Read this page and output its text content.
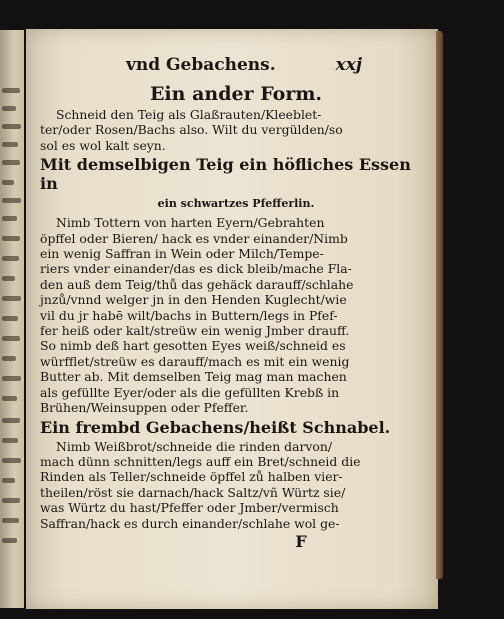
vnd Gebachens.	xxj
Ein ander Form.
Schneid den Teig als Glaßrauten/Kleeblet-
ter/oder Rosen/Bachs also. Wilt du vergülden/so
sol es wol kalt seyn.
Mit demselbigen Teig ein höfliches Essen in
ein schwartzes Pfefferlin.
Nimb Tottern von harten Eyern/Gebrahten
öpffel oder Bieren/ hack es vnder einander/Nimb
ein wenig Saffran in Wein oder Milch/Tempe-
riers vnder einander/das es dick bleib/mache Fla-
den auß dem Teig/thů das gehäck darauff/schlahe
jnzů/vnnd welger jn in den Henden Kuglecht/wie
vil du jr habē wilt/bachs in Buttern/legs in Pfef-
fer heiß oder kalt/streüw ein wenig Jmber drauff.
So nimb deß hart gesotten Eyes weiß/schneid es
würfflet/streüw es darauff/mach es mit ein wenig
Butter ab. Mit demselben Teig mag man machen
als gefüllte Eyer/oder als die gefüllten Krebß in
Brühen/Weinsuppen oder Pfeffer.
Ein frembd Gebachens/heißt Schnabel.
Nimb Weißbrot/schneide die rinden darvon/
mach dünn schnitten/legs auff ein Bret/schneid die
Rinden als Teller/schneide öpffel zů halben vier-
theilen/röst sie darnach/hack Saltz/vñ Würtz sie/
was Würtz du hast/Pfeffer oder Jmber/vermisch
Saffran/hack es durch einander/schlahe wol ge-
F
